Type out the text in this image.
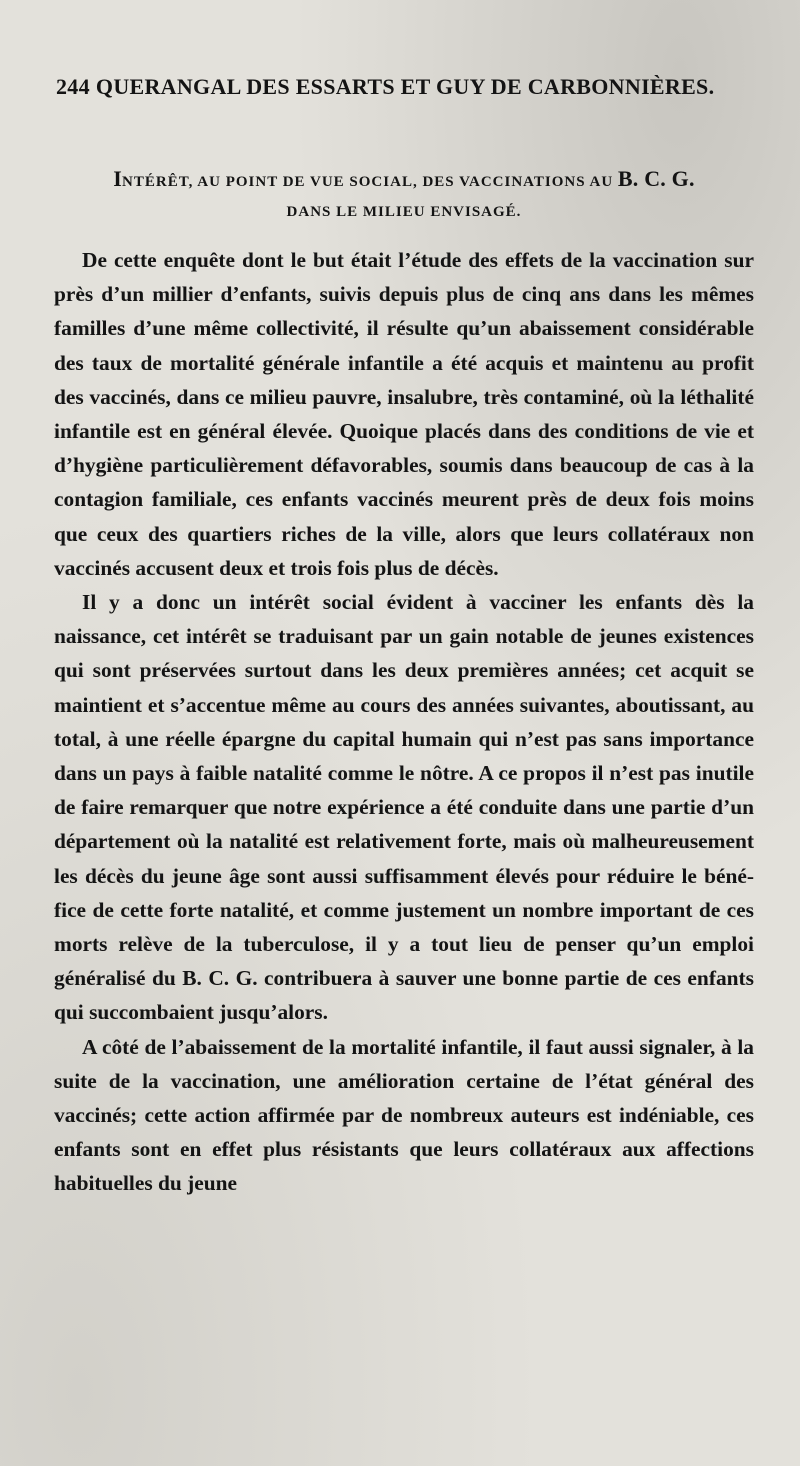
244 QUERANGAL DES ESSARTS ET GUY DE CARBONNIÈRES.
INTÉRÊT, AU POINT DE VUE SOCIAL, DES VACCINATIONS AU B. C. G.
DANS LE MILIEU ENVISAGÉ.

De cette enquête dont le but était l’étude des effets de la vaccination sur près d’un millier d’enfants, suivis depuis plus de cinq ans dans les mêmes familles d’une même collectivité, il résulte qu’un abaissement considérable des taux de mortalité générale infantile a été acquis et maintenu au profit des vaccinés, dans ce milieu pauvre, insalubre, très contaminé, où la léthalité infantile est en général élevée. Quoique placés dans des conditions de vie et d’hygiène particulièrement défavorables, soumis dans beaucoup de cas à la contagion familiale, ces enfants vaccinés meurent près de deux fois moins que ceux des quartiers riches de la ville, alors que leurs collatéraux non vaccinés accusent deux et trois fois plus de décès.

Il y a donc un intérêt social évident à vacciner les enfants dès la naissance, cet intérêt se traduisant par un gain notable de jeunes existences qui sont préservées surtout dans les deux premières années; cet acquit se maintient et s’accentue même au cours des années suivantes, aboutissant, au total, à une réelle épargne du capital humain qui n’est pas sans importance dans un pays à faible natalité comme le nôtre. A ce propos il n’est pas inutile de faire remarquer que notre expérience a été conduite dans une partie d’un département où la natalité est relativement forte, mais où malheureusement les décès du jeune âge sont aussi suffisamment élevés pour réduire le bénéfice de cette forte natalité, et comme justement un nombre important de ces morts relève de la tuberculose, il y a tout lieu de penser qu’un emploi généralisé du B. C. G. contribuera à sauver une bonne partie de ces enfants qui succombaient jusqu’alors.

A côté de l’abaissement de la mortalité infantile, il faut aussi signaler, à la suite de la vaccination, une amélioration certaine de l’état général des vaccinés; cette action affirmée par de nombreux auteurs est indéniable, ces enfants sont en effet plus résistants que leurs collatéraux aux affections habituelles du jeune
